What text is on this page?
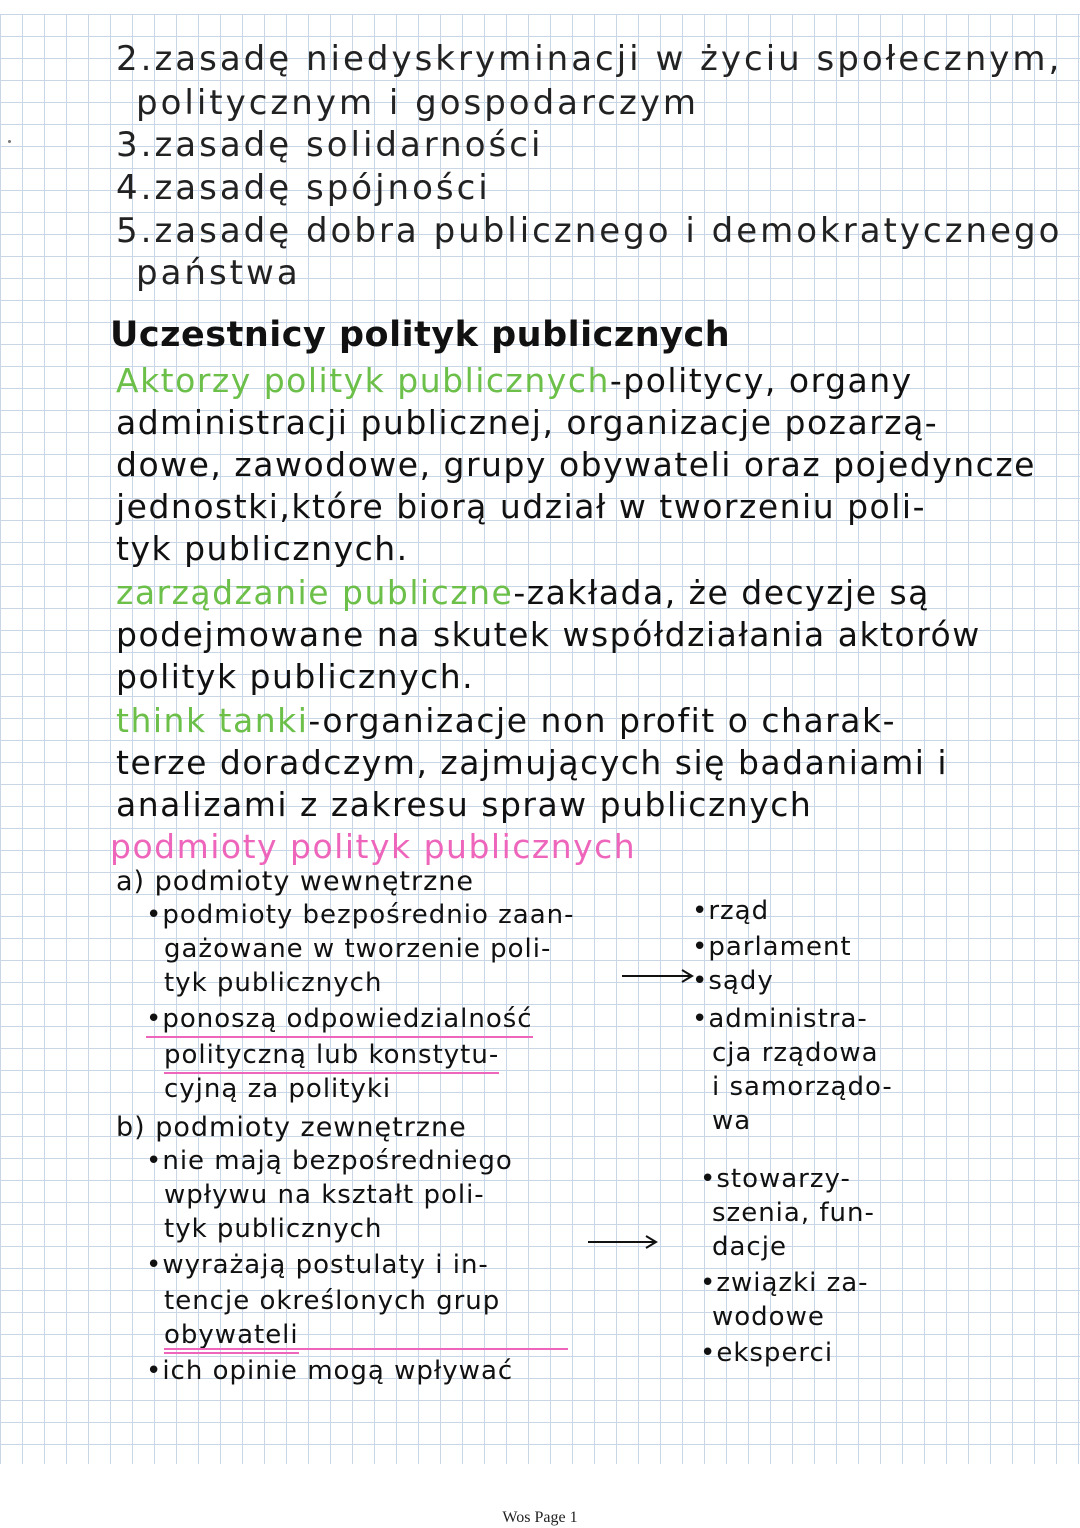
2.zasadę niedyskryminacji w życiu społecznym,
politycznym i gospodarczym
3.zasadę solidarności
4.zasadę spójności
5.zasadę dobra publicznego i demokratycznego
państwa
Uczestnicy polityk publicznych
Aktorzy polityk publicznych-politycy, organy
administracji publicznej, organizacje pozarzą-
dowe, zawodowe, grupy obywateli oraz pojedyncze
jednostki,które biorą udział w tworzeniu poli-
tyk publicznych.
zarządzanie publiczne-zakłada, że decyzje są
podejmowane na skutek współdziałania aktorów
polityk publicznych.
think tanki-organizacje non profit o charak-
terze doradczym, zajmujących się badaniami i
analizami z zakresu spraw publicznych
podmioty polityk publicznych
a) podmioty wewnętrzne
•podmioty bezpośrednio zaan-
gażowane w tworzenie poli-
tyk publicznych
•ponoszą odpowiedzialność
polityczną lub konstytu-
cyjną za polityki
•rząd
•parlament
•sądy
•administra-
cja rządowa
i samorządo-
wa
b) podmioty zewnętrzne
•nie mają bezpośredniego
wpływu na kształt poli-
tyk publicznych
•wyrażają postulaty i in-
tencje określonych grup
obywateli
•ich opinie mogą wpływać
•stowarzy-
szenia, fun-
dacje
•związki za-
wodowe
•eksperci
Wos Page 1
